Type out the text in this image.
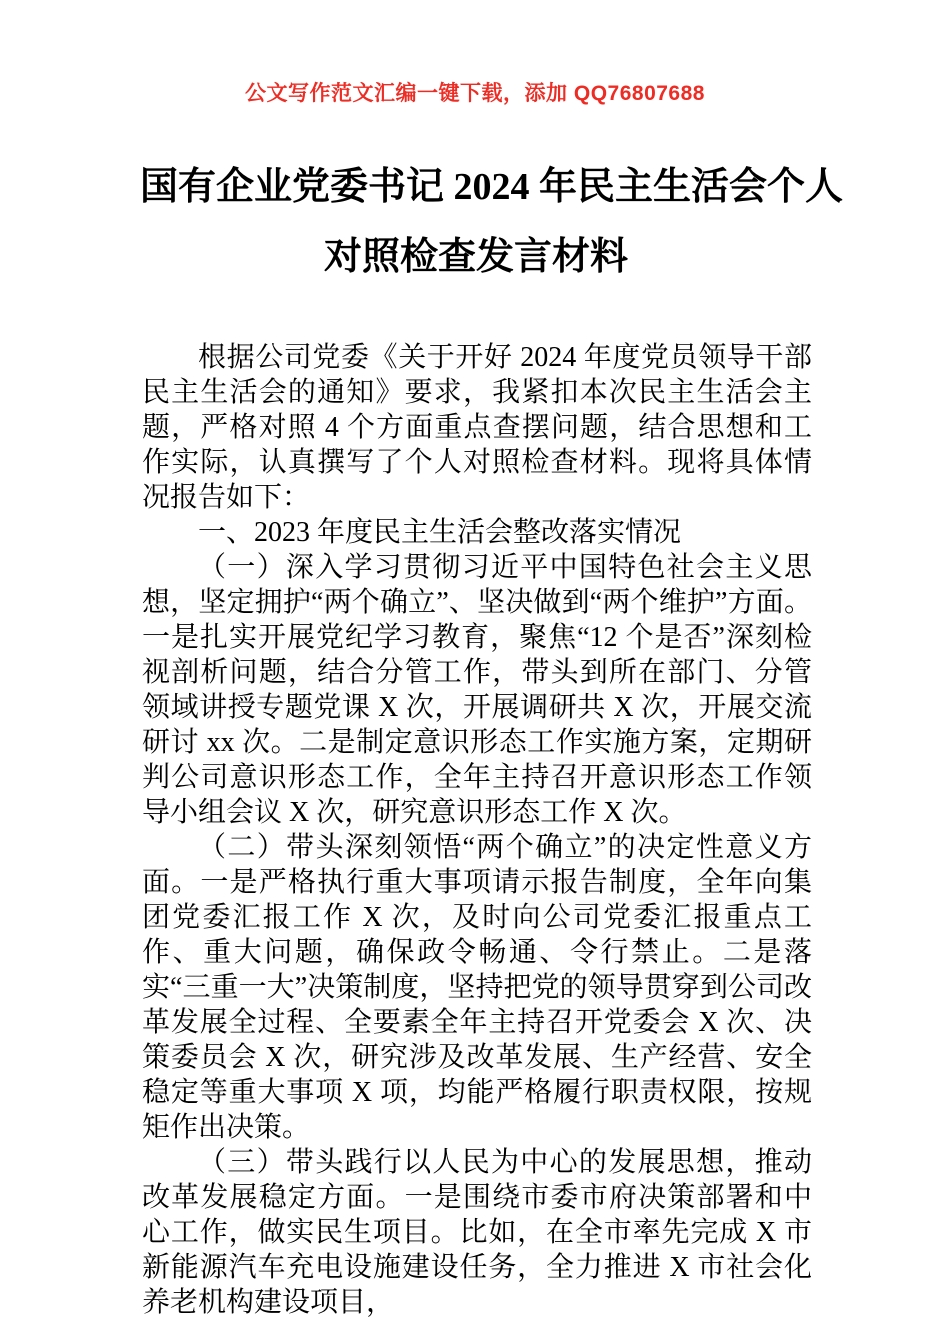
公文写作范文汇编一键下载，添加 QQ76807688
国有企业党委书记 2024 年民主生活会个人
对照检查发言材料

根据公司党委《关于开好 2024 年度党员领导干部民主生活会的通知》要求，我紧扣本次民主生活会主题，严格对照 4 个方面重点查摆问题，结合思想和工作实际，认真撰写了个人对照检查材料。现将具体情况报告如下：

一、2023 年度民主生活会整改落实情况

（一）深入学习贯彻习近平中国特色社会主义思想，坚定拥护“两个确立”、坚决做到“两个维护”方面。一是扎实开展党纪学习教育，聚焦“12 个是否”深刻检视剖析问题，结合分管工作，带头到所在部门、分管领域讲授专题党课 X 次，开展调研共 X 次，开展交流研讨 xx 次。二是制定意识形态工作实施方案，定期研判公司意识形态工作，全年主持召开意识形态工作领导小组会议 X 次，研究意识形态工作 X 次。

（二）带头深刻领悟“两个确立”的决定性意义方面。一是严格执行重大事项请示报告制度，全年向集团党委汇报工作 X 次，及时向公司党委汇报重点工作、重大问题，确保政令畅通、令行禁止。二是落实“三重一大”决策制度，坚持把党的领导贯穿到公司改革发展全过程、全要素全年主持召开党委会 X 次、决策委员会 X 次，研究涉及改革发展、生产经营、安全稳定等重大事项 X 项，均能严格履行职责权限，按规矩作出决策。

（三）带头践行以人民为中心的发展思想，推动改革发展稳定方面。一是围绕市委市府决策部署和中心工作，做实民生项目。比如，在全市率先完成 X 市新能源汽车充电设施建设任务，全力推进 X 市社会化养老机构建设项目，
